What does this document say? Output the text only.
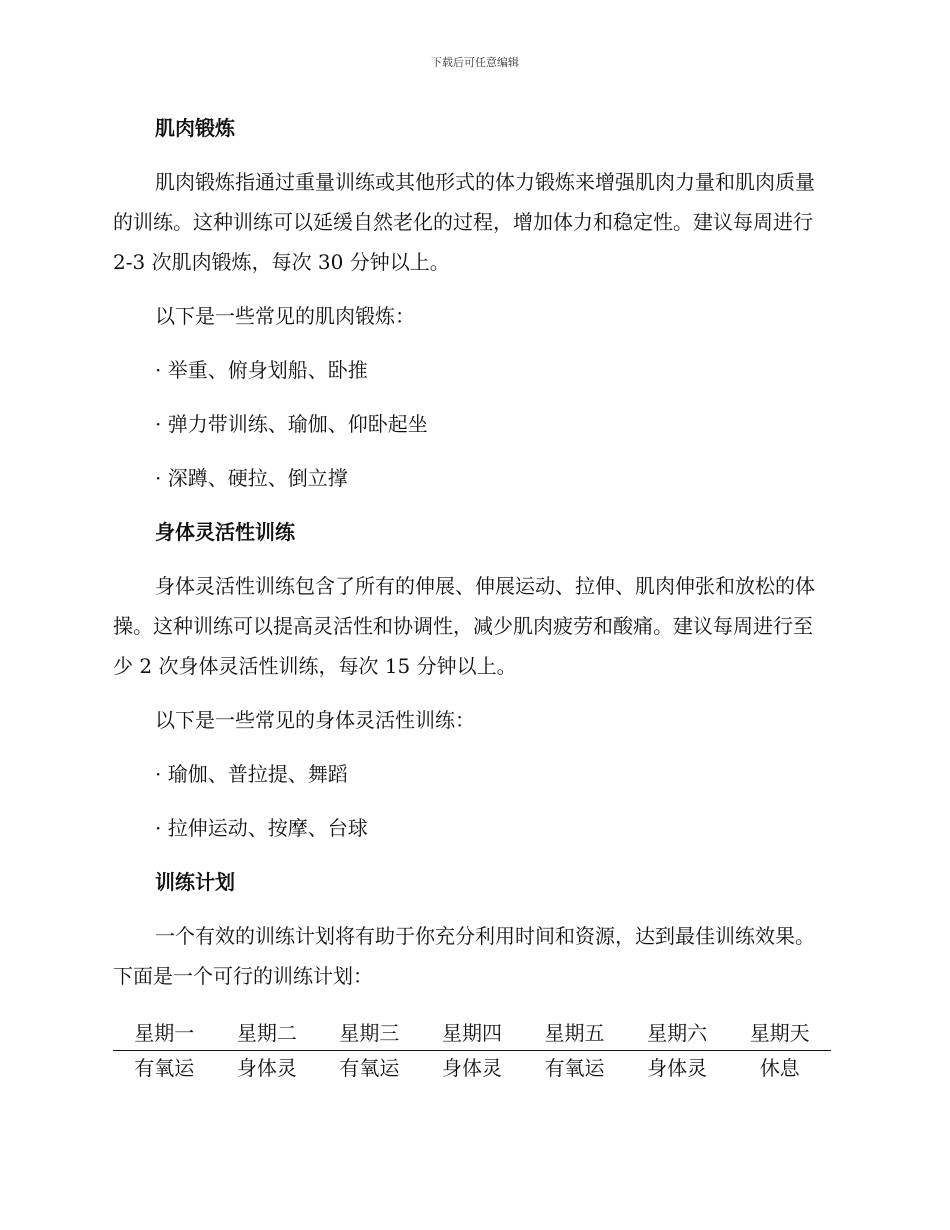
下载后可任意编辑
肌肉锻炼

肌肉锻炼指通过重量训练或其他形式的体力锻炼来增强肌肉力量和肌肉质量的训练。这种训练可以延缓自然老化的过程，增加体力和稳定性。建议每周进行 2-3 次肌肉锻炼，每次 30 分钟以上。

以下是一些常见的肌肉锻炼：

· 举重、俯身划船、卧推
· 弹力带训练、瑜伽、仰卧起坐
· 深蹲、硬拉、倒立撑
身体灵活性训练

身体灵活性训练包含了所有的伸展、伸展运动、拉伸、肌肉伸张和放松的体操。这种训练可以提高灵活性和协调性，减少肌肉疲劳和酸痛。建议每周进行至少 2 次身体灵活性训练，每次 15 分钟以上。

以下是一些常见的身体灵活性训练：

· 瑜伽、普拉提、舞蹈
· 拉伸运动、按摩、台球
训练计划

一个有效的训练计划将有助于你充分利用时间和资源，达到最佳训练效果。下面是一个可行的训练计划：

星期一	星期二	星期三	星期四	星期五	星期六	星期天
有氧运	身体灵	有氧运	身体灵	有氧运	身体灵	休息
